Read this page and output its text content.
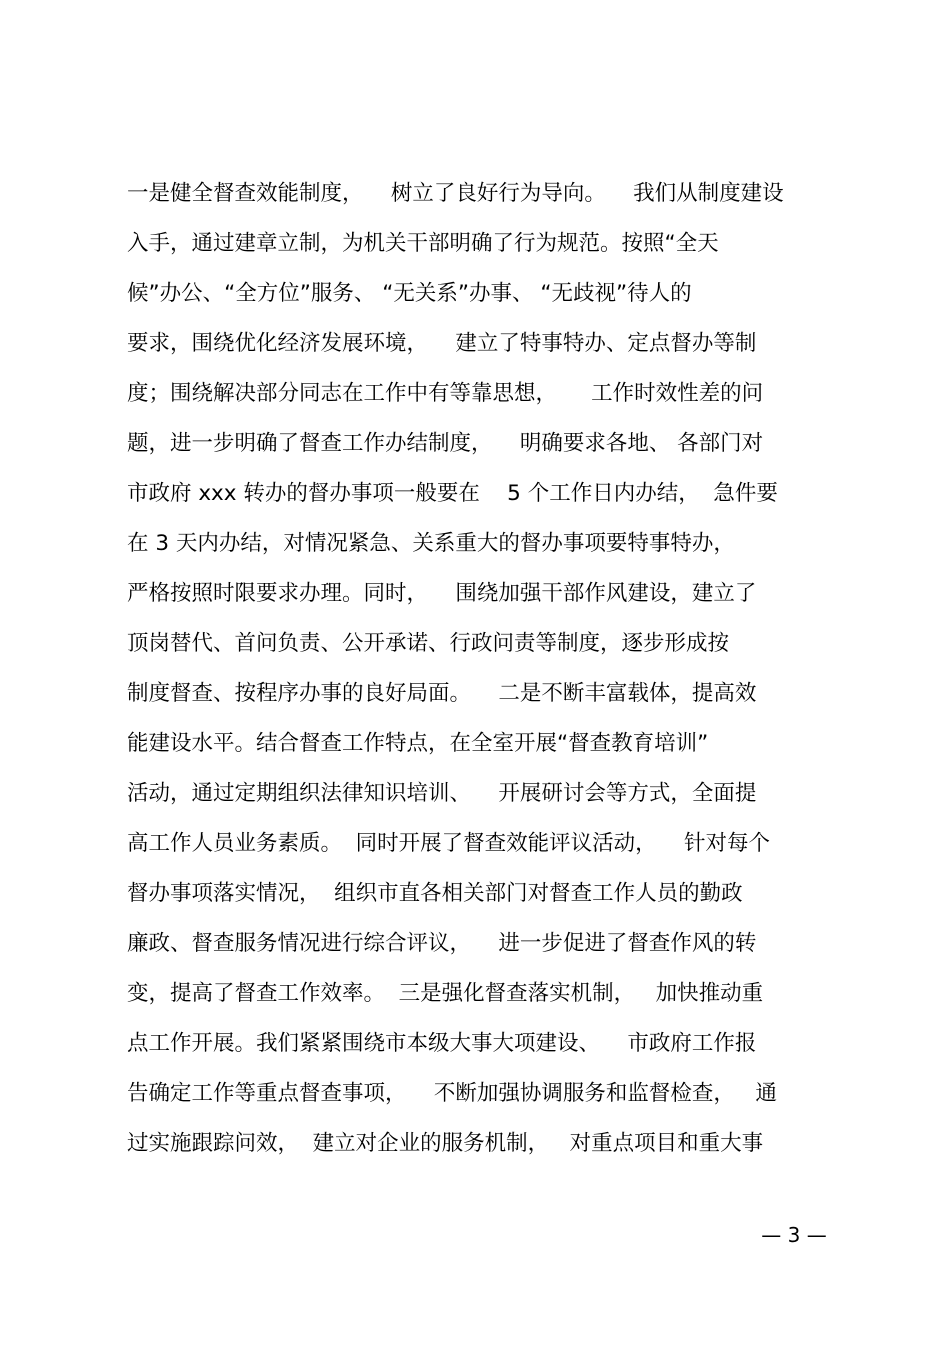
一是健全督查效能制度，    树立了良好行为导向。    我们从制度建设
入手，通过建章立制，为机关干部明确了行为规范。按照“全天
候”办公、“全方位”服务、 “无关系”办事、 “无歧视”待人的
要求，围绕优化经济发展环境，    建立了特事特办、定点督办等制
度；围绕解决部分同志在工作中有等靠思想，     工作时效性差的问
题，进一步明确了督查工作办结制度，    明确要求各地、 各部门对
市政府 xxx 转办的督办事项一般要在    5 个工作日内办结，  急件要
在 3 天内办结，对情况紧急、关系重大的督办事项要特事特办，
严格按照时限要求办理。同时，    围绕加强干部作风建设，建立了
顶岗替代、首问负责、公开承诺、行政问责等制度，逐步形成按
制度督查、按程序办事的良好局面。    二是不断丰富载体，提高效
能建设水平。结合督查工作特点，在全室开展“督查教育培训”
活动，通过定期组织法律知识培训、    开展研讨会等方式，全面提
高工作人员业务素质。  同时开展了督查效能评议活动，    针对每个
督办事项落实情况，  组织市直各相关部门对督查工作人员的勤政
廉政、督查服务情况进行综合评议，    进一步促进了督查作风的转
变，提高了督查工作效率。  三是强化督查落实机制，   加快推动重
点工作开展。我们紧紧围绕市本级大事大项建设、    市政府工作报
告确定工作等重点督查事项，    不断加强协调服务和监督检查，   通
过实施跟踪问效，  建立对企业的服务机制，   对重点项目和重大事
— 3 —
